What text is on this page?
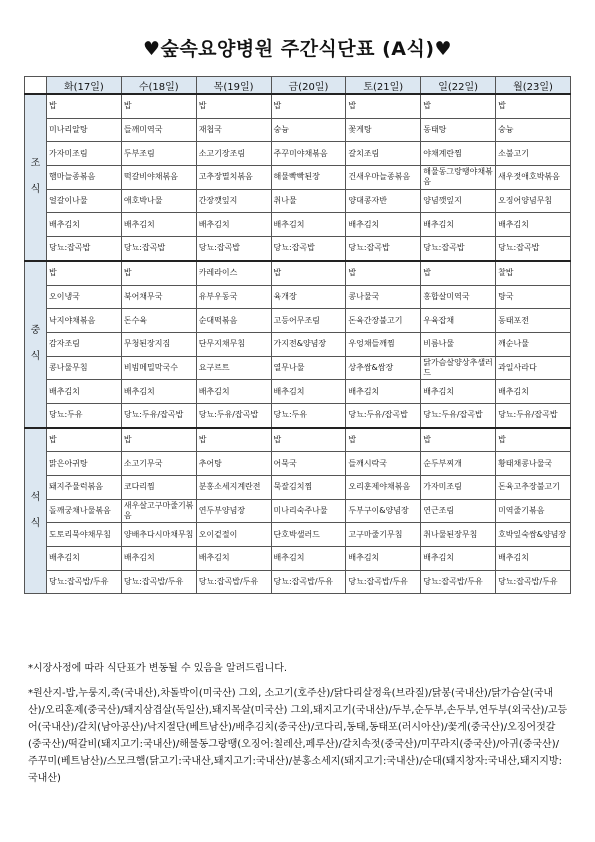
♥숲속요양병원 주간식단표 (A식)♥
	화(17일)	수(18일)	목(19일)	금(20일)	토(21일)	일(22일)	월(23일)

조
식	밥	밥	밥	밥	밥	밥	밥
	미나리알탕	들깨미역국	재첩국	숭늉	꽃게탕	동태탕	숭늉
	가자미조림	두부조림	소고기장조림	주꾸미야채볶음	갈치조림	야채계란찜	소불고기
	햄마늘종볶음	떡갈비야채볶음	고추장멸치볶음	해물빡빡된장	건새우마늘종볶음	해물동그랑땡야채볶음	새우젓애호박볶음
	얼갈이나물	애호박나물	간장깻잎지	취나물	양대콩자반	양념깻잎지	오징어양념무침
	배추김치	배추김치	배추김치	배추김치	배추김치	배추김치	배추김치
	당뇨:잡곡밥	당뇨:잡곡밥	당뇨:잡곡밥	당뇨:잡곡밥	당뇨:잡곡밥	당뇨:잡곡밥	당뇨:잡곡밥

중
식	밥	밥	카레라이스	밥	밥	밥	찰밥
	오이냉국	북어채무국	유부우동국	육개장	콩나물국	홍합살미역국	탕국
	낙지야채볶음	돈수육	순대떡볶음	고등어무조림	돈육간장불고기	우육잡채	동태포전
	감자조림	무청된장지짐	단무지채무침	가지전&양념장	우엉채들깨찜	비름나물	깨순나물
	콩나물무침	비빔메밀막국수	요구르트	열무나물	상추쌈&쌈장	닭가슴살양상추샐러드	과일사라다
	배추김치	배추김치	배추김치	배추김치	배추김치	배추김치	배추김치
	당뇨:두유	당뇨:두유/잡곡밥	당뇨:두유/잡곡밥	당뇨:두유	당뇨:두유/잡곡밥	당뇨:두유/잡곡밥	당뇨:두유/잡곡밥

석
식	밥	밥	밥	밥	밥	밥	밥
	맑은아귀탕	소고기무국	추어탕	어묵국	들깨시락국	순두부찌개	황태채콩나물국
	돼지주물럭볶음	코다리찜	분홍소세지계란전	묵잘김치찜	오리훈제야채볶음	가자미조림	돈육고추장불고기
	돌깨궁채나물볶음	새우살고구마줄기볶음	연두부양념장	미나리숙주나물	두부구이&양념장	연근조림	미역줄기볶음
	도토리묵야채무침	양배추다시마채무침	오이겉절이	단호박샐러드	고구마줄기무침	취나물된장무침	호박잎숙쌈&양념장
	배추김치	배추김치	배추김치	배추김치	배추김치	배추김치	배추김치
	당뇨:잡곡밥/두유	당뇨:잡곡밥/두유	당뇨:잡곡밥/두유	당뇨:잡곡밥/두유	당뇨:잡곡밥/두유	당뇨:잡곡밥/두유	당뇨:잡곡밥/두유

*시장사정에 따라 식단표가 변동될 수 있음을 알려드립니다.

*원산지-밥,누룽지,죽(국내산),차돌박이(미국산) 그외, 소고기(호주산)/닭다리살정육(브라질)/닭봉(국내산)/닭가슴살(국내산)/오리훈제(중국산)/돼지삼겹살(독일산),돼지목살(미국산) 그외,돼지고기(국내산)/두부,순두부,손두부,연두부(외국산)/고등어(국내산)/갈치(남아공산)/낙지절단(베트남산)/배추김치(중국산)/코다리,동태,동태포(러시아산)/꽃게(중국산)/오징어젓갈(중국산)/떡갈비(돼지고기:국내산)/해물동그랑땡(오징어:칠레산,페루산)/갈치속젓(중국산)/미꾸라지(중국산)/아귀(중국산)/주꾸미(베트남산)/스모크햄(닭고기:국내산,돼지고기:국내산)/분홍소세지(돼지고기:국내산)/순대(돼지창자:국내산,돼지지방:국내산)
